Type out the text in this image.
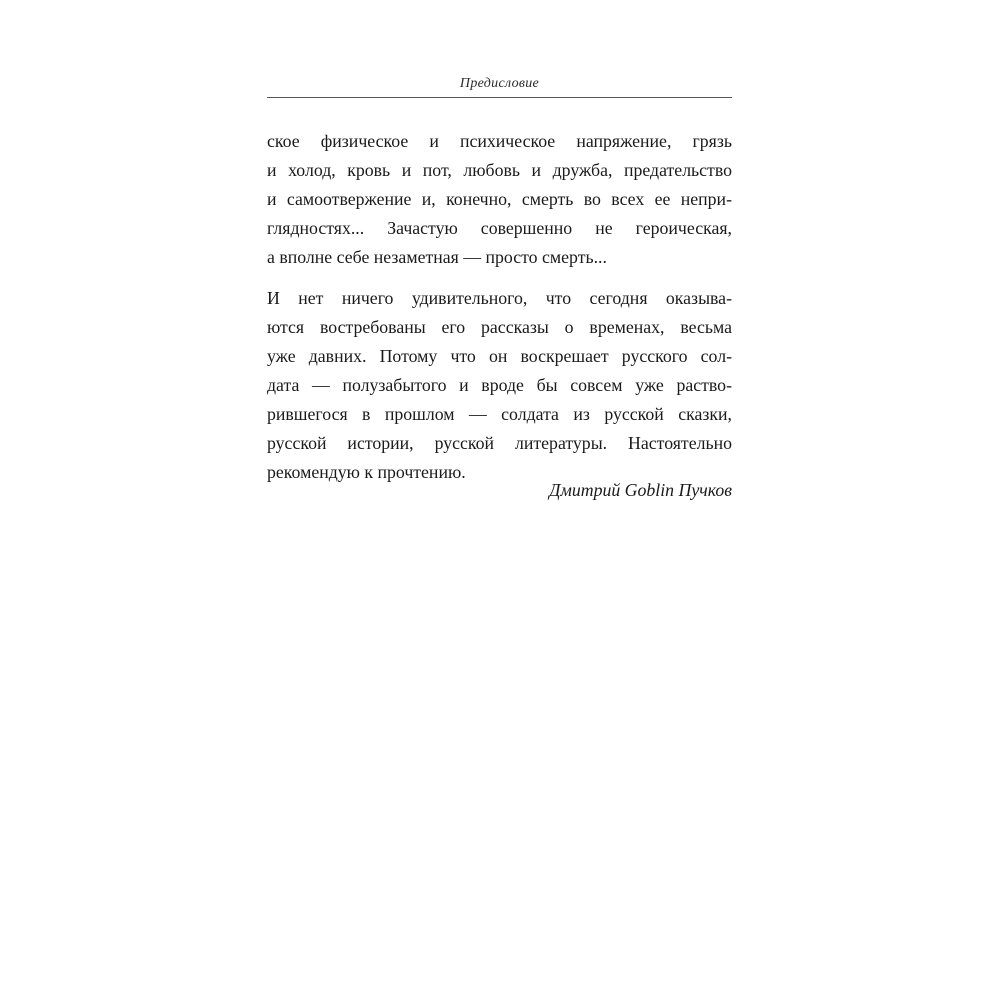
Предисловие
ское физическое и психическое напряжение, грязь
и холод, кровь и пот, любовь и дружба, предательство
и самоотвержение и, конечно, смерть во всех ее непри-
глядностях... Зачастую совершенно не героическая,
а вполне себе незаметная — просто смерть...
И нет ничего удивительного, что сегодня оказыва-
ются востребованы его рассказы о временах, весьма
уже давних. Потому что он воскрешает русского сол-
дата — полузабытого и вроде бы совсем уже раство-
рившегося в прошлом — солдата из русской сказки,
русской истории, русской литературы. Настоятельно
рекомендую к прочтению.
Дмитрий Goblin Пучков
